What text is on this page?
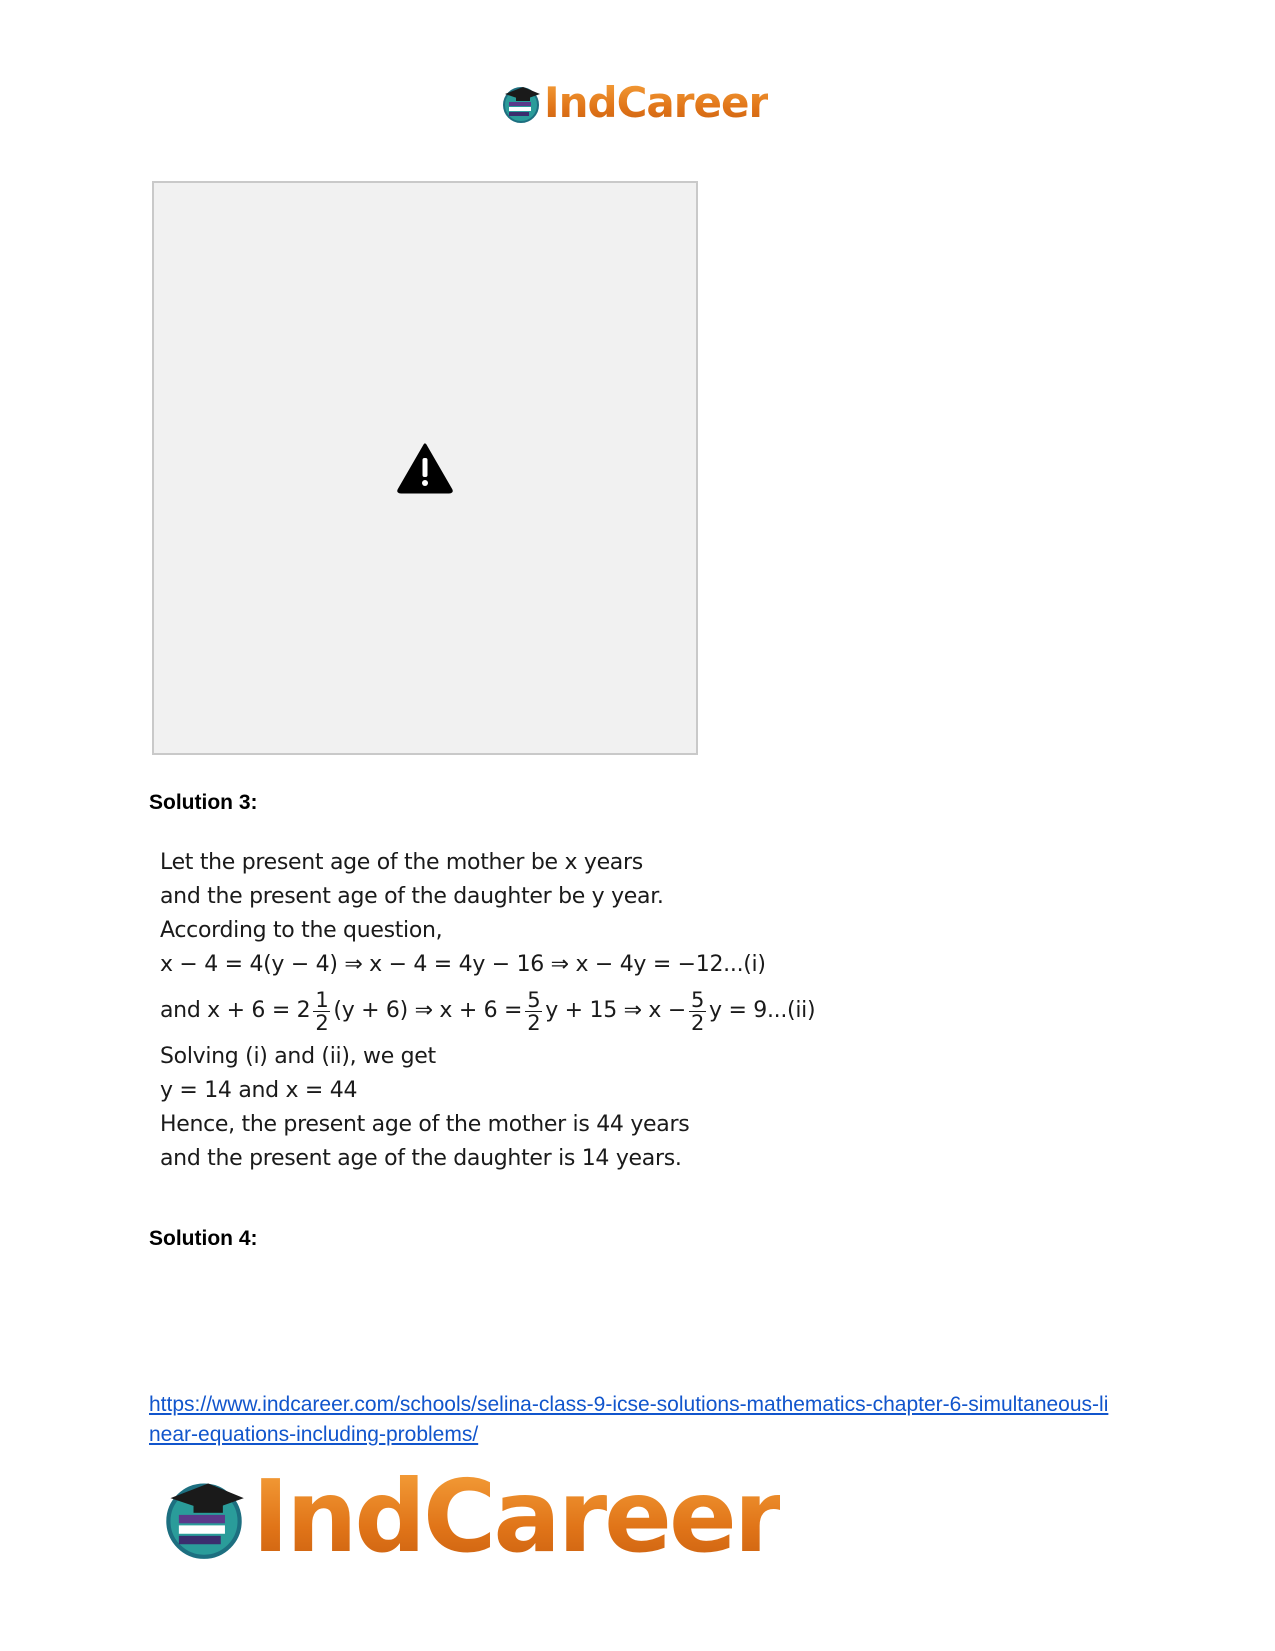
IndCareer
Solution 3:
Let the present age of the mother be x years
and the present age of the daughter be y year.
According to the question,
x − 4 = 4(y − 4) ⇒ x − 4 = 4y − 16 ⇒ x − 4y = −12...(i)
and $x + 6 = 2 \frac{1}{2} (y + 6)$ ⇒ $x + 6 = \frac{5}{2}$ y + 15 ⇒ $x - \frac{5}{2}$ y = 9...(ii)
Solving (i) and (ii), we get
y = 14 and x = 44
Hence, the present age of the mother is 44 years
and the present age of the daughter is 14 years.
Solution 4:
https://www.indcareer.com/schools/selina-class-9-icse-solutions-mathematics-chapter-6-simultaneous-linear-equations-including-problems/
IndCareer
